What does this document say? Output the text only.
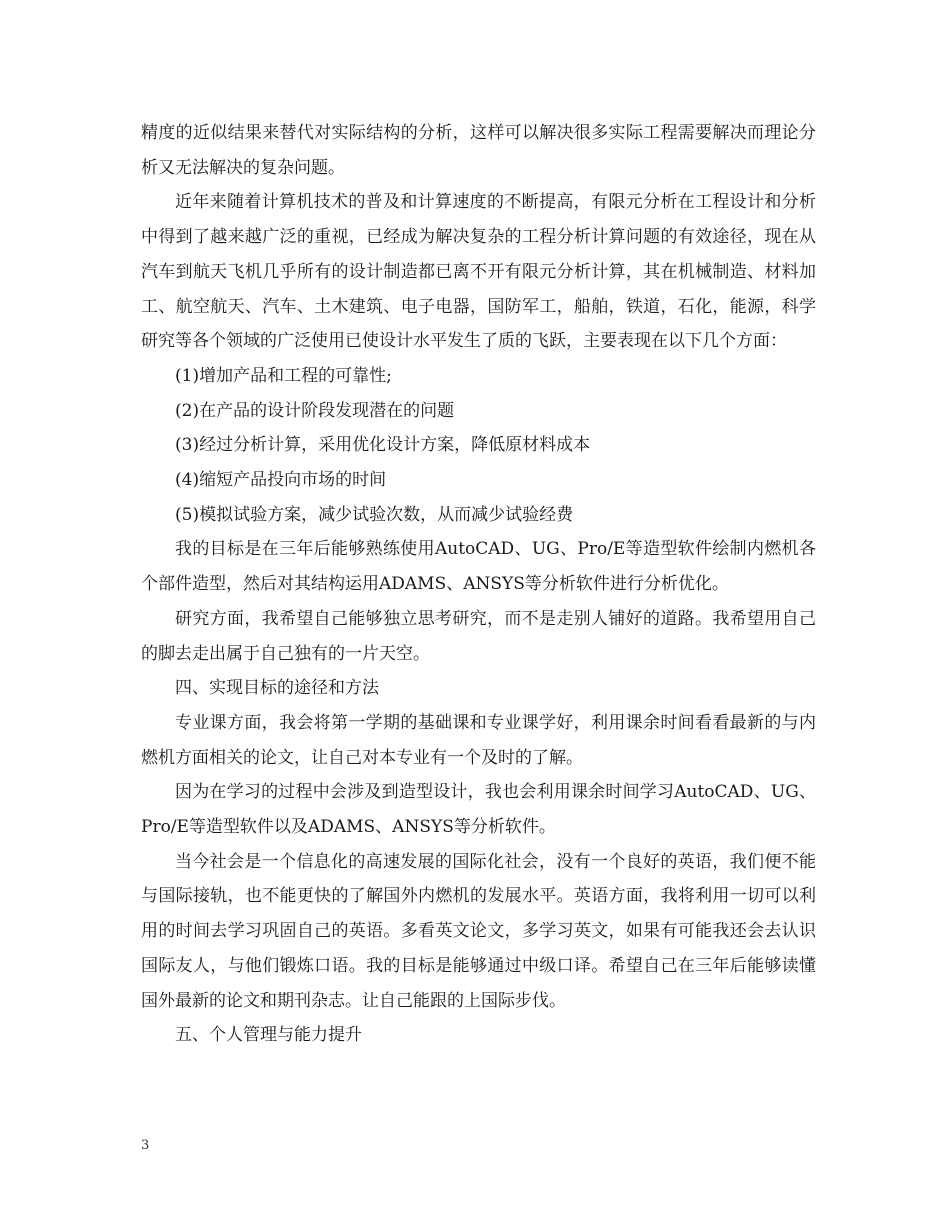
精度的近似结果来替代对实际结构的分析，这样可以解决很多实际工程需要解决而理论分析又无法解决的复杂问题。

近年来随着计算机技术的普及和计算速度的不断提高，有限元分析在工程设计和分析中得到了越来越广泛的重视，已经成为解决复杂的工程分析计算问题的有效途径，现在从汽车到航天飞机几乎所有的设计制造都已离不开有限元分析计算，其在机械制造、材料加工、航空航天、汽车、土木建筑、电子电器，国防军工，船舶，铁道，石化，能源，科学研究等各个领域的广泛使用已使设计水平发生了质的飞跃，主要表现在以下几个方面：

(1)增加产品和工程的可靠性;

(2)在产品的设计阶段发现潜在的问题

(3)经过分析计算，采用优化设计方案，降低原材料成本

(4)缩短产品投向市场的时间

(5)模拟试验方案，减少试验次数，从而减少试验经费

我的目标是在三年后能够熟练使用AutoCAD、UG、Pro/E等造型软件绘制内燃机各个部件造型，然后对其结构运用ADAMS、ANSYS等分析软件进行分析优化。

研究方面，我希望自己能够独立思考研究，而不是走别人铺好的道路。我希望用自己的脚去走出属于自己独有的一片天空。

四、实现目标的途径和方法

专业课方面，我会将第一学期的基础课和专业课学好，利用课余时间看看最新的与内燃机方面相关的论文，让自己对本专业有一个及时的了解。

因为在学习的过程中会涉及到造型设计，我也会利用课余时间学习AutoCAD、UG、Pro/E等造型软件以及ADAMS、ANSYS等分析软件。

当今社会是一个信息化的高速发展的国际化社会，没有一个良好的英语，我们便不能与国际接轨，也不能更快的了解国外内燃机的发展水平。英语方面，我将利用一切可以利用的时间去学习巩固自己的英语。多看英文论文，多学习英文，如果有可能我还会去认识国际友人，与他们锻炼口语。我的目标是能够通过中级口译。希望自己在三年后能够读懂国外最新的论文和期刊杂志。让自己能跟的上国际步伐。

五、个人管理与能力提升

3
